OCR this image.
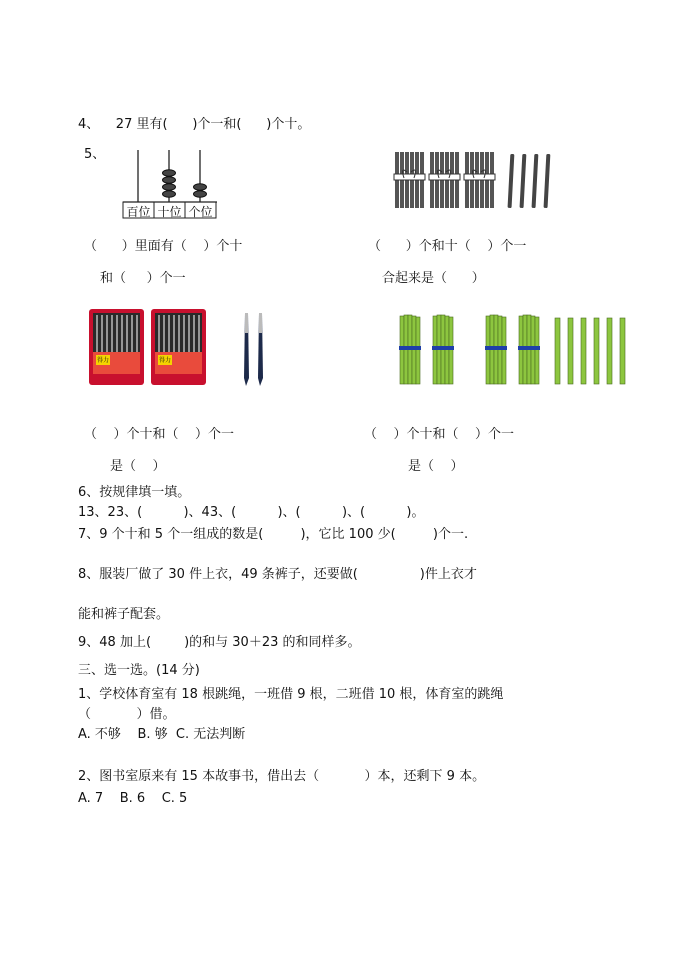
4、    27 里有(      )个一和(      )个十。
5、
百位 十位 个位
（      ）里面有（    ）个十
和（     ）个一
（      ）个和十（    ）个一
合起来是（      ）
得力	得力
（    ）个十和（    ）个一
是（    ）
（    ）个十和（    ）个一
是（    ）
6、按规律填一填。
13、23、(          )、43、(          )、(          )、(          )。
7、9 个十和 5 个一组成的数是(         )，它比 100 少(         )个一.
8、服装厂做了 30 件上衣，49 条裤子，还要做(               )件上衣才
能和裤子配套。
9、48 加上(        )的和与 30＋23 的和同样多。
三、选一选。(14 分)
1、学校体育室有 18 根跳绳，一班借 9 根，二班借 10 根，体育室的跳绳
（           ）借。
A. 不够    B. 够  C. 无法判断
2、图书室原来有 15 本故事书，借出去（           ）本，还剩下 9 本。
A. 7    B. 6    C. 5
